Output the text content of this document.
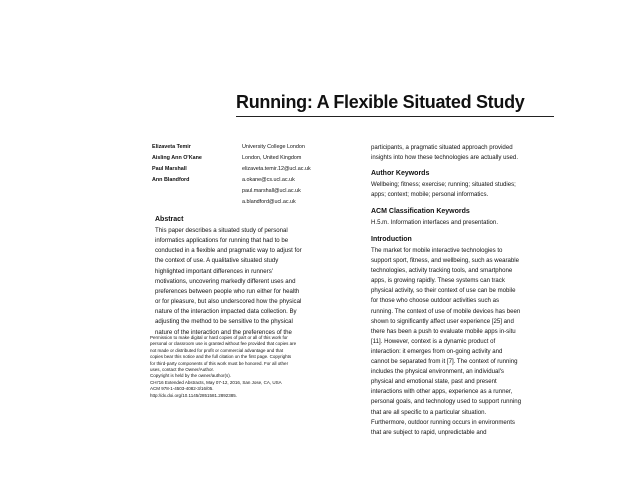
Running: A Flexible Situated Study
Elizaveta Temir	University College London
Aisling Ann O'Kane	London, United Kingdom
Paul Marshall	elizaveta.temir.12@ucl.ac.uk
Ann Blandford	a.okane@cs.ucl.ac.uk
paul.marshall@ucl.ac.uk
a.blandford@ucl.ac.uk
Abstract
This paper describes a situated study of personal
informatics applications for running that had to be
conducted in a flexible and pragmatic way to adjust for
the context of use. A qualitative situated study
highlighted important differences in runners'
motivations, uncovering markedly different uses and
preferences between people who run either for health
or for pleasure, but also underscored how the physical
nature of the interaction impacted data collection. By
adjusting the method to be sensitive to the physical
nature of the interaction and the preferences of the
Permission to make digital or hard copies of part or all of this work for
personal or classroom use is granted without fee provided that copies are
not made or distributed for profit or commercial advantage and that
copies bear this notice and the full citation on the first page. Copyrights
for third-party components of this work must be honored. For all other
uses, contact the Owner/Author.
Copyright is held by the owner/author(s).
CHI'16 Extended Abstracts, May 07-12, 2016, San Jose, CA, USA
ACM 978-1-4503-4082-3/16/05.
http://dx.doi.org/10.1145/2851581.2892385.
participants, a pragmatic situated approach provided
insights into how these technologies are actually used.
Author Keywords
Wellbeing; fitness; exercise; running; situated studies;
apps; context; mobile; personal informatics.
ACM Classification Keywords
H.5.m. Information interfaces and presentation.
Introduction
The market for mobile interactive technologies to
support sport, fitness, and wellbeing, such as wearable
technologies, activity tracking tools, and smartphone
apps, is growing rapidly. These systems can track
physical activity, so their context of use can be mobile
for those who choose outdoor activities such as
running. The context of use of mobile devices has been
shown to significantly affect user experience [25] and
there has been a push to evaluate mobile apps in-situ
[11]. However, context is a dynamic product of
interaction: it emerges from on-going activity and
cannot be separated from it [7]. The context of running
includes the physical environment, an individual's
physical and emotional state, past and present
interactions with other apps, experience as a runner,
personal goals, and technology used to support running
that are all specific to a particular situation.
Furthermore, outdoor running occurs in environments
that are subject to rapid, unpredictable and
